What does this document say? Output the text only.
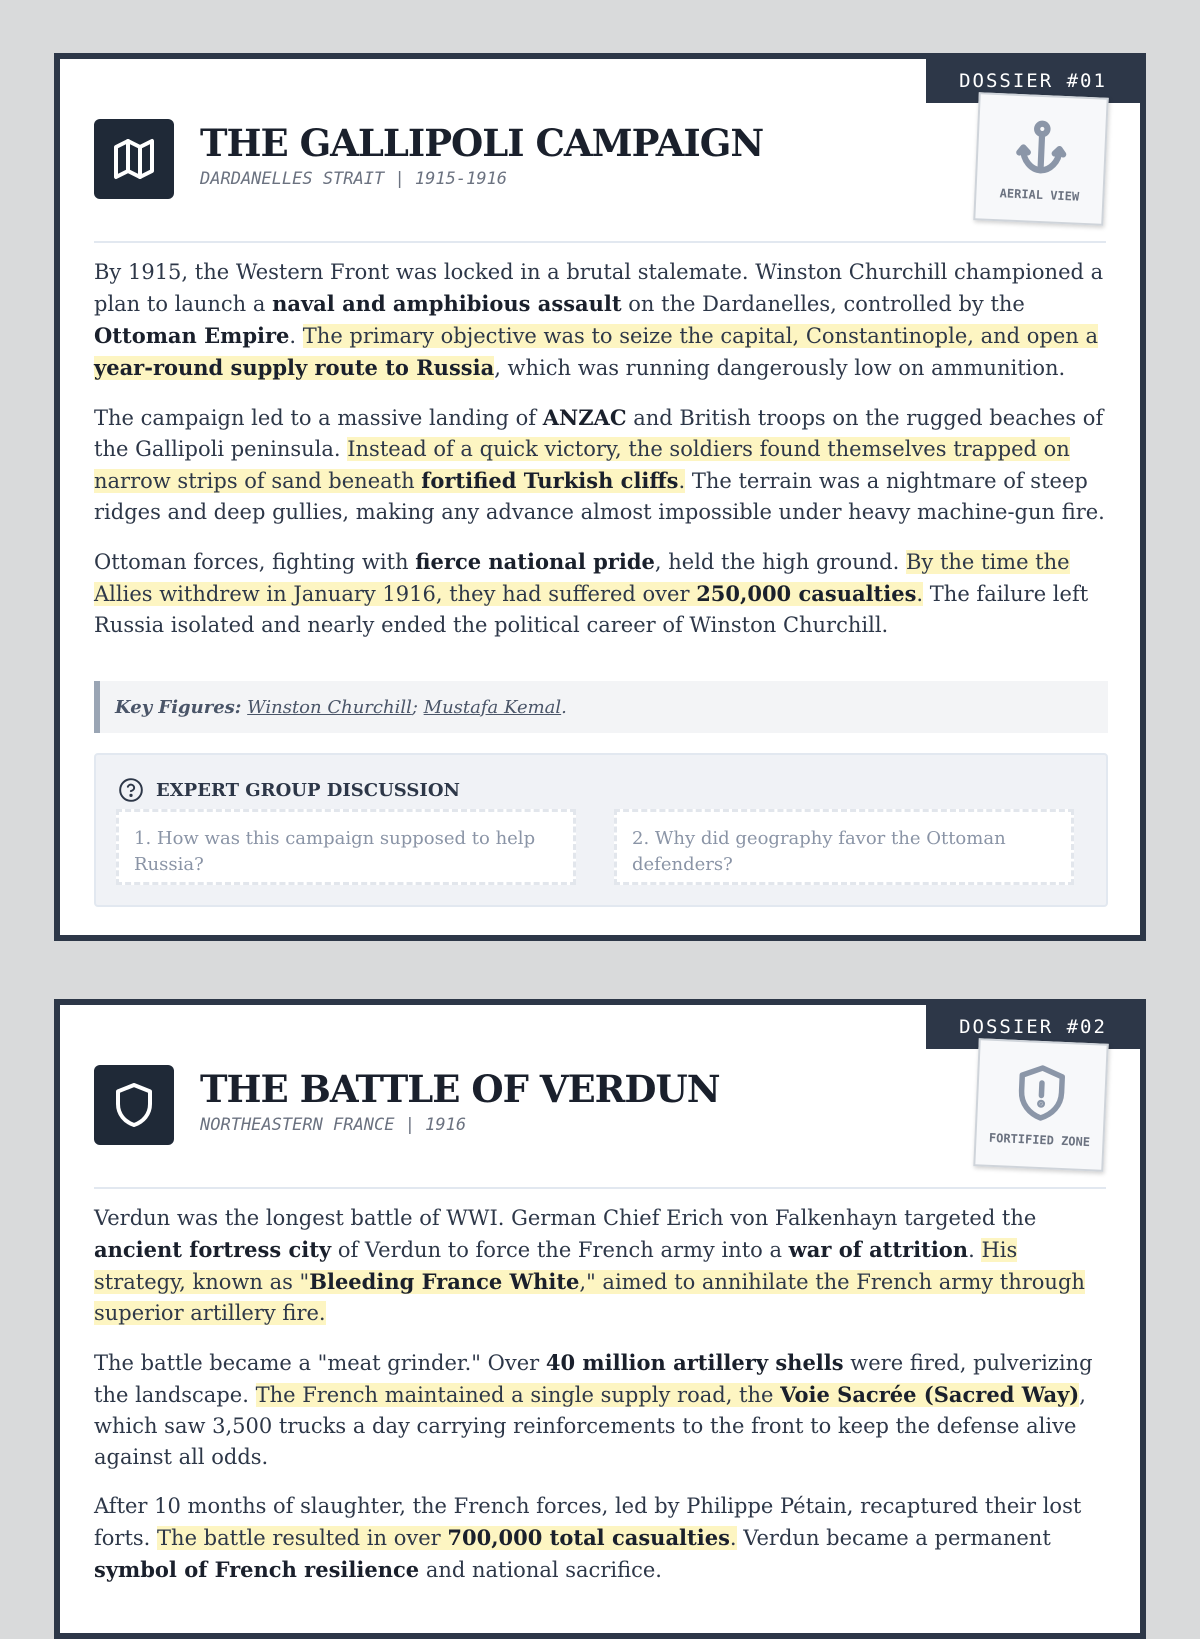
DOSSIER #01
THE GALLIPOLI CAMPAIGN
DARDANELLES STRAIT | 1915-1916
AERIAL VIEW

By 1915, the Western Front was locked in a brutal stalemate. Winston Churchill championed a plan to launch a naval and amphibious assault on the Dardanelles, controlled by the Ottoman Empire. The primary objective was to seize the capital, Constantinople, and open a year-round supply route to Russia, which was running dangerously low on ammunition.

The campaign led to a massive landing of ANZAC and British troops on the rugged beaches of the Gallipoli peninsula. Instead of a quick victory, the soldiers found themselves trapped on narrow strips of sand beneath fortified Turkish cliffs. The terrain was a nightmare of steep ridges and deep gullies, making any advance almost impossible under heavy machine-gun fire.

Ottoman forces, fighting with fierce national pride, held the high ground. By the time the Allies withdrew in January 1916, they had suffered over 250,000 casualties. The failure left Russia isolated and nearly ended the political career of Winston Churchill.

Key Figures:
Winston Churchill ; Mustafa Kemal .
EXPERT GROUP DISCUSSION
1. How was this campaign supposed to help Russia?
2. Why did geography favor the Ottoman defenders?
DOSSIER #02
THE BATTLE OF VERDUN
NORTHEASTERN FRANCE | 1916
FORTIFIED ZONE

Verdun was the longest battle of WWI. German Chief Erich von Falkenhayn targeted the ancient fortress city of Verdun to force the French army into a war of attrition. His strategy, known as "Bleeding France White," aimed to annihilate the French army through superior artillery fire.

The battle became a "meat grinder." Over 40 million artillery shells were fired, pulverizing the landscape. The French maintained a single supply road, the Voie Sacrée (Sacred Way), which saw 3,500 trucks a day carrying reinforcements to the front to keep the defense alive against all odds.

After 10 months of slaughter, the French forces, led by Philippe Pétain, recaptured their lost forts. The battle resulted in over 700,000 total casualties. Verdun became a permanent symbol of French resilience and national sacrifice.
